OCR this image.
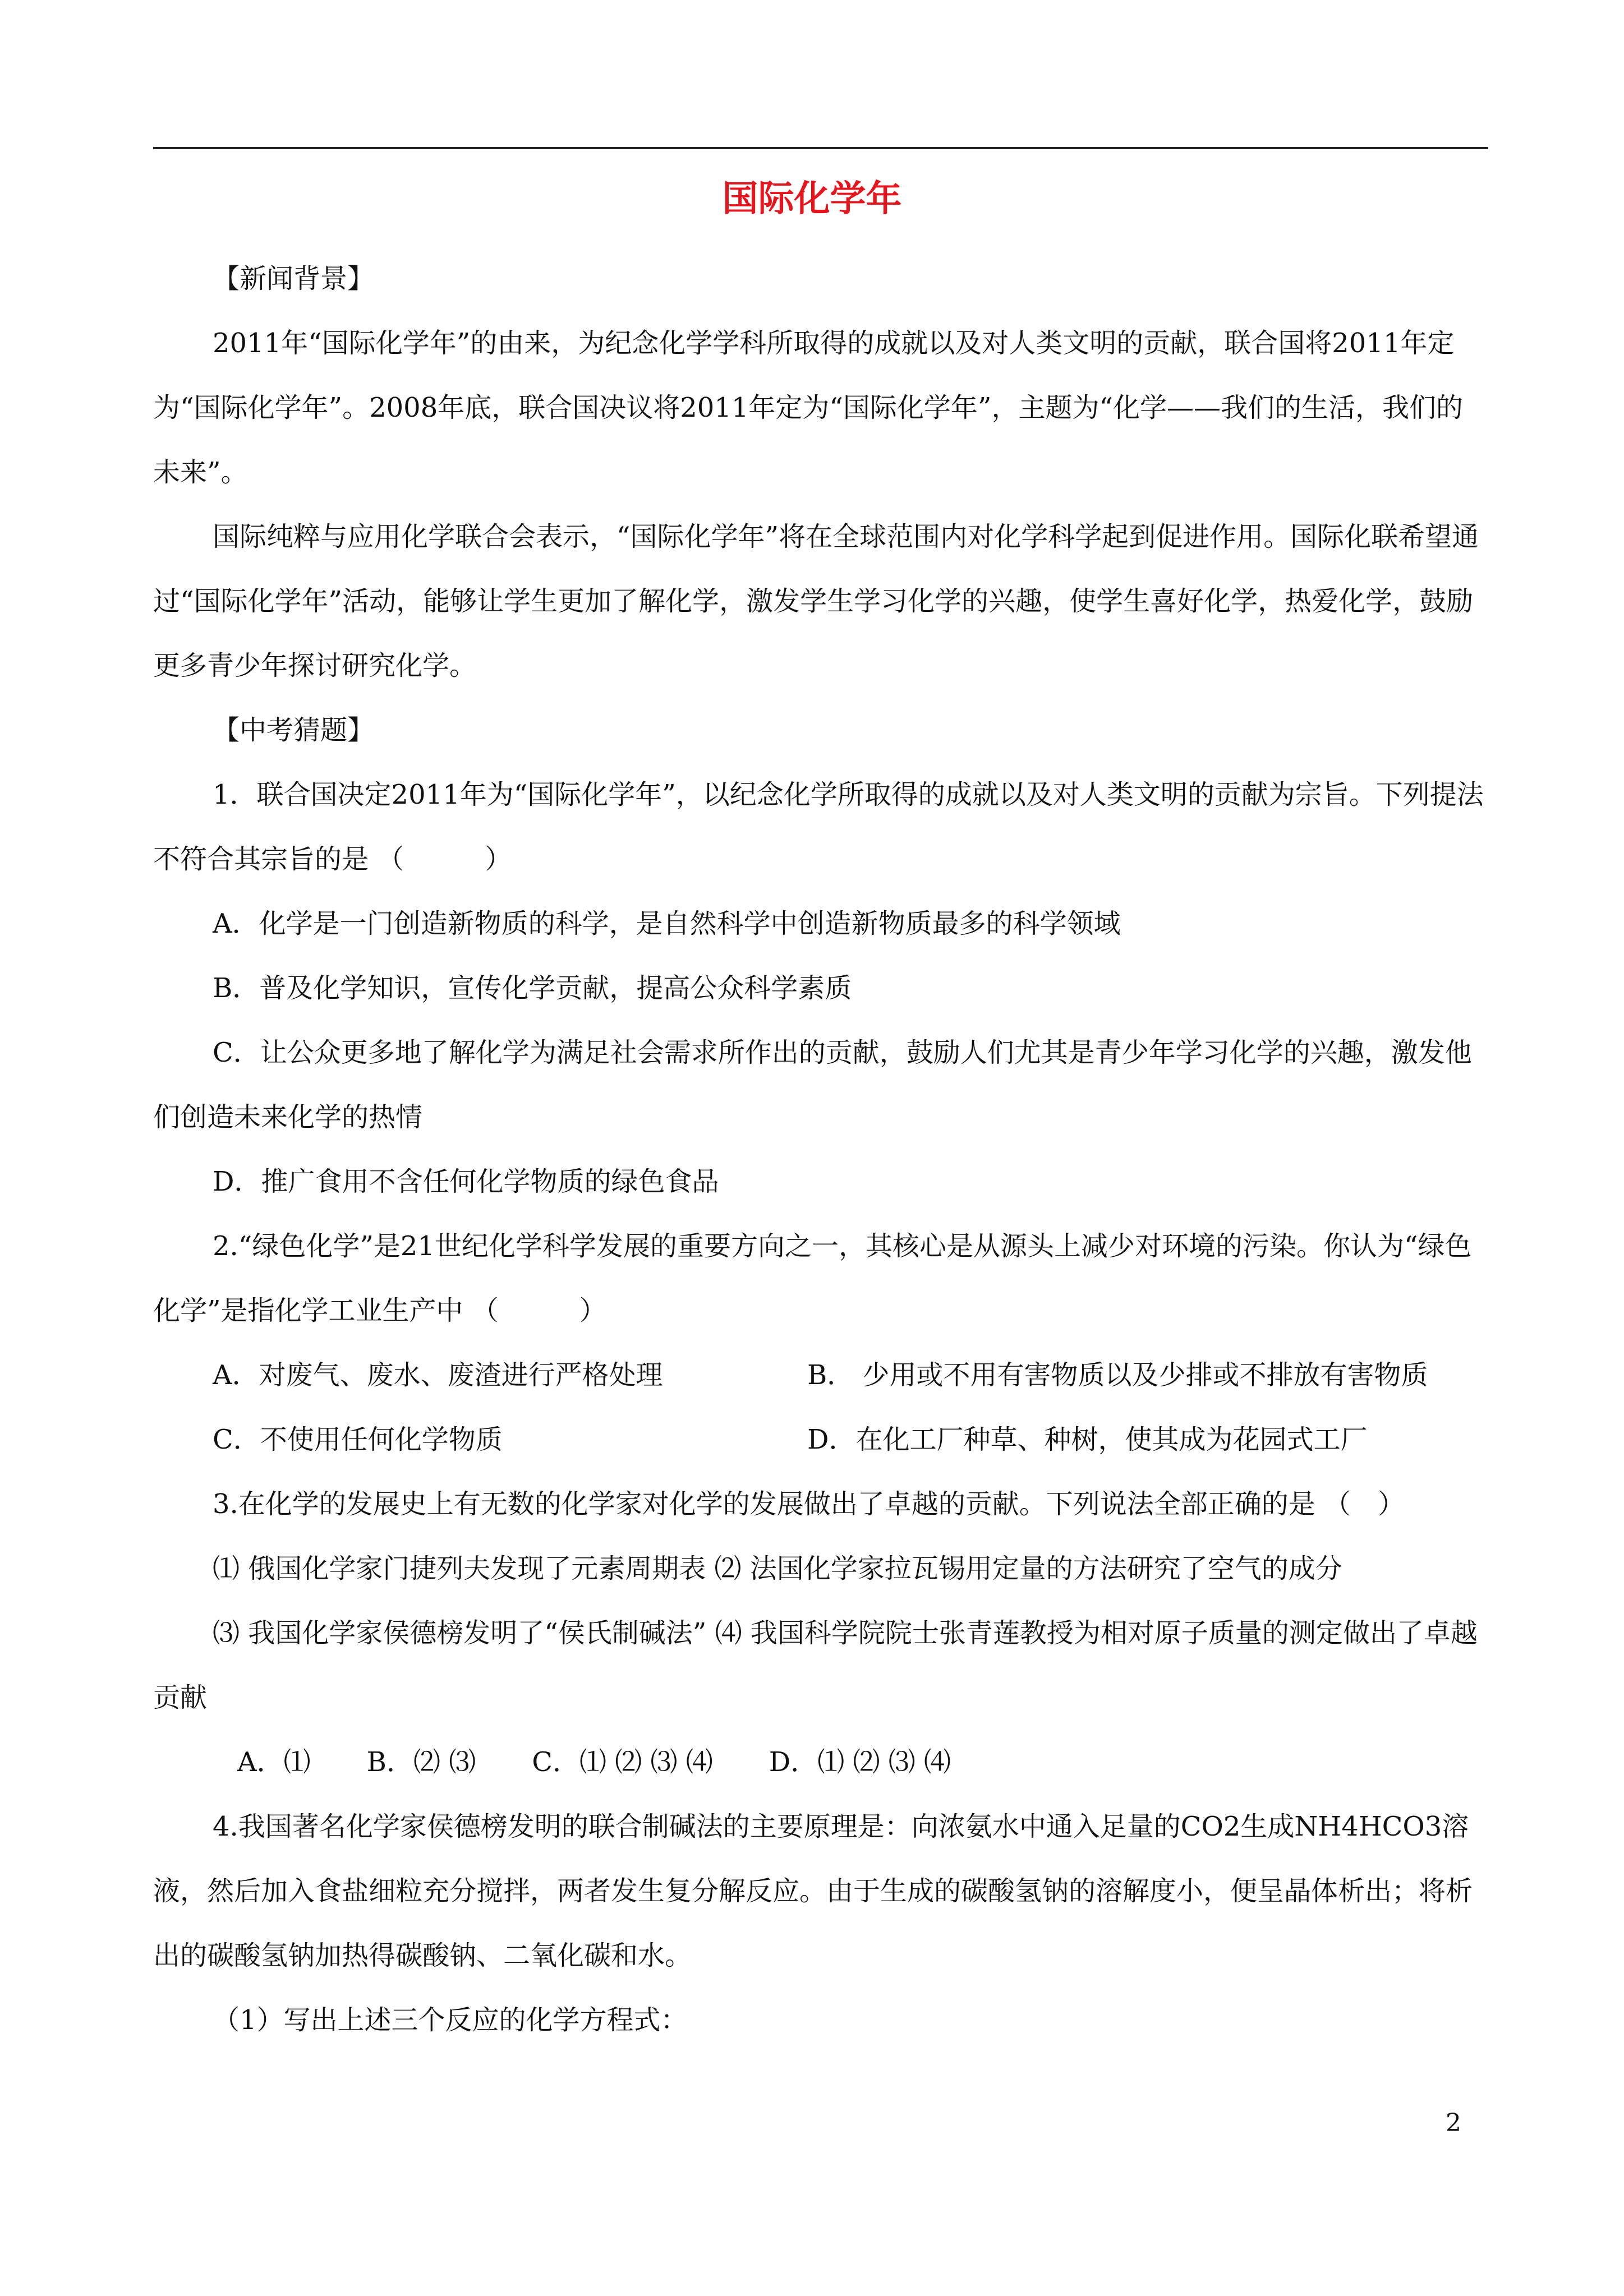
国际化学年

【新闻背景】

2011年“国际化学年”的由来，为纪念化学学科所取得的成就以及对人类文明的贡献，联合国将2011年定为“国际化学年”。2008年底，联合国决议将2011年定为“国际化学年”，主题为“化学——我们的生活，我们的未来”。

国际纯粹与应用化学联合会表示，“国际化学年”将在全球范围内对化学科学起到促进作用。国际化联希望通过“国际化学年”活动，能够让学生更加了解化学，激发学生学习化学的兴趣，使学生喜好化学，热爱化学，鼓励更多青少年探讨研究化学。

【中考猜题】

1．联合国决定2011年为“国际化学年”，以纪念化学所取得的成就以及对人类文明的贡献为宗旨。下列提法不符合其宗旨的是 （　　　）

A．化学是一门创造新物质的科学，是自然科学中创造新物质最多的科学领域

B．普及化学知识，宣传化学贡献，提高公众科学素质

C．让公众更多地了解化学为满足社会需求所作出的贡献，鼓励人们尤其是青少年学习化学的兴趣，激发他们创造未来化学的热情

D．推广食用不含任何化学物质的绿色食品

2.“绿色化学”是21世纪化学科学发展的重要方向之一，其核心是从源头上减少对环境的污染。你认为“绿色化学”是指化学工业生产中 （　　　）

A．对废气、废水、废渣进行严格处理	B． 少用或不用有害物质以及少排或不排放有害物质
C．不使用任何化学物质	D．在化工厂种草、种树，使其成为花园式工厂

3.在化学的发展史上有无数的化学家对化学的发展做出了卓越的贡献。下列说法全部正确的是 （　）

⑴ 俄国化学家门捷列夫发现了元素周期表 ⑵ 法国化学家拉瓦锡用定量的方法研究了空气的成分

⑶ 我国化学家侯德榜发明了“侯氏制碱法” ⑷ 我国科学院院士张青莲教授为相对原子质量的测定做出了卓越贡献

A．⑴ B．⑵ ⑶ C．⑴ ⑵ ⑶ ⑷ D．⑴ ⑵ ⑶ ⑷

4.我国著名化学家侯德榜发明的联合制碱法的主要原理是：向浓氨水中通入足量的CO2生成NH4HCO3溶液，然后加入食盐细粒充分搅拌，两者发生复分解反应。由于生成的碳酸氢钠的溶解度小，便呈晶体析出；将析出的碳酸氢钠加热得碳酸钠、二氧化碳和水。

（1）写出上述三个反应的化学方程式：

2
